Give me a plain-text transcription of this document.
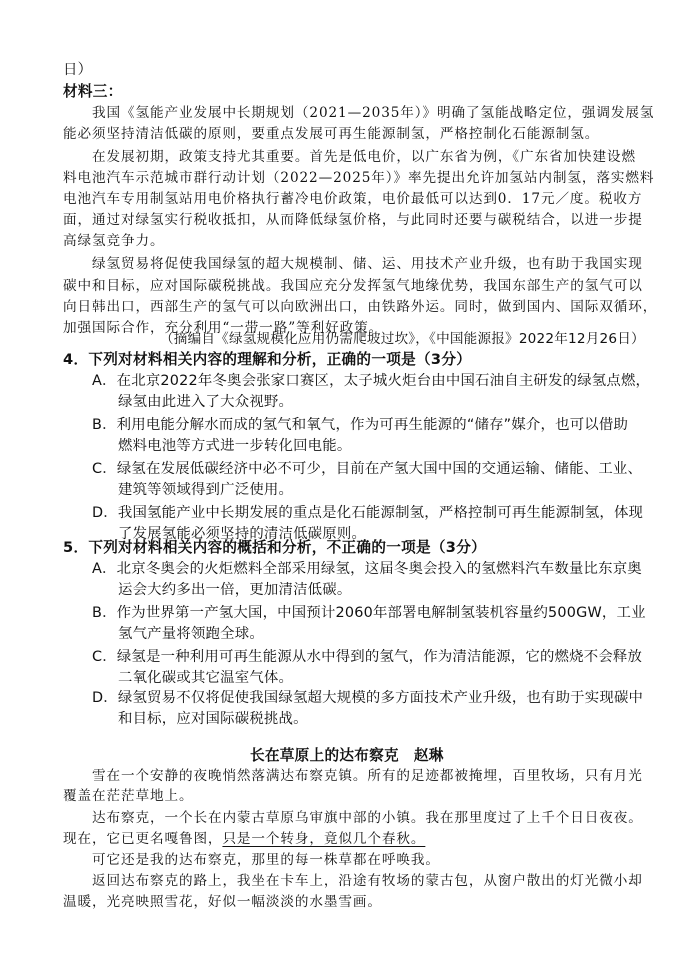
日）
材料三：
我国《氢能产业发展中长期规划（2021—2035年）》明确了氢能战略定位，强调发展氢
能必须坚持清洁低碳的原则，要重点发展可再生能源制氢，严格控制化石能源制氢。
在发展初期，政策支持尤其重要。首先是低电价，以广东省为例，《广东省加快建设燃
料电池汽车示范城市群行动计划（2022—2025年）》率先提出允许加氢站内制氢，落实燃料
电池汽车专用制氢站用电价格执行蓄冷电价政策，电价最低可以达到0．17元／度。税收方
面，通过对绿氢实行税收抵扣，从而降低绿氢价格，与此同时还要与碳税结合，以进一步提
高绿氢竞争力。
绿氢贸易将促使我国绿氢的超大规模制、储、运、用技术产业升级，也有助于我国实现
碳中和目标，应对国际碳税挑战。我国应充分发挥氢气地缘优势，我国东部生产的氢气可以
向日韩出口，西部生产的氢气可以向欧洲出口，由铁路外运。同时，做到国内、国际双循环，
加强国际合作，充分利用“一带一路”等利好政策。
（摘编自《绿氢规模化应用仍需爬坡过坎》，《中国能源报》2022年12月26日）
4．下列对材料相关内容的理解和分析，正确的一项是（3分）
A．在北京2022年冬奥会张家口赛区，太子城火炬台由中国石油自主研发的绿氢点燃，
绿氢由此进入了大众视野。
B．利用电能分解水而成的氢气和氧气，作为可再生能源的“储存”媒介，也可以借助
燃料电池等方式进一步转化回电能。
C．绿氢在发展低碳经济中必不可少，目前在产氢大国中国的交通运输、储能、工业、
建筑等领域得到广泛使用。
D．我国氢能产业中长期发展的重点是化石能源制氢，严格控制可再生能源制氢，体现
了发展氢能必须坚持的清洁低碳原则。
5．下列对材料相关内容的概括和分析，不正确的一项是（3分）
A．北京冬奥会的火炬燃料全部采用绿氢，这届冬奥会投入的氢燃料汽车数量比东京奥
运会大约多出一倍，更加清洁低碳。
B．作为世界第一产氢大国，中国预计2060年部署电解制氢装机容量约500GW，工业
氢气产量将领跑全球。
C．绿氢是一种利用可再生能源从水中得到的氢气，作为清洁能源，它的燃烧不会释放
二氧化碳或其它温室气体。
D．绿氢贸易不仅将促使我国绿氢超大规模的多方面技术产业升级，也有助于实现碳中
和目标，应对国际碳税挑战。
长在草原上的达布察克　赵琳
雪在一个安静的夜晚悄然落满达布察克镇。所有的足迹都被掩埋，百里牧场，只有月光
覆盖在茫茫草地上。
达布察克，一个长在内蒙古草原乌审旗中部的小镇。我在那里度过了上千个日日夜夜。
现在，它已更名嘎鲁图，只是一个转身，竟似几个春秋。
可它还是我的达布察克，那里的每一株草都在呼唤我。
返回达布察克的路上，我坐在卡车上，沿途有牧场的蒙古包，从窗户散出的灯光微小却
温暖，光亮映照雪花，好似一幅淡淡的水墨雪画。
